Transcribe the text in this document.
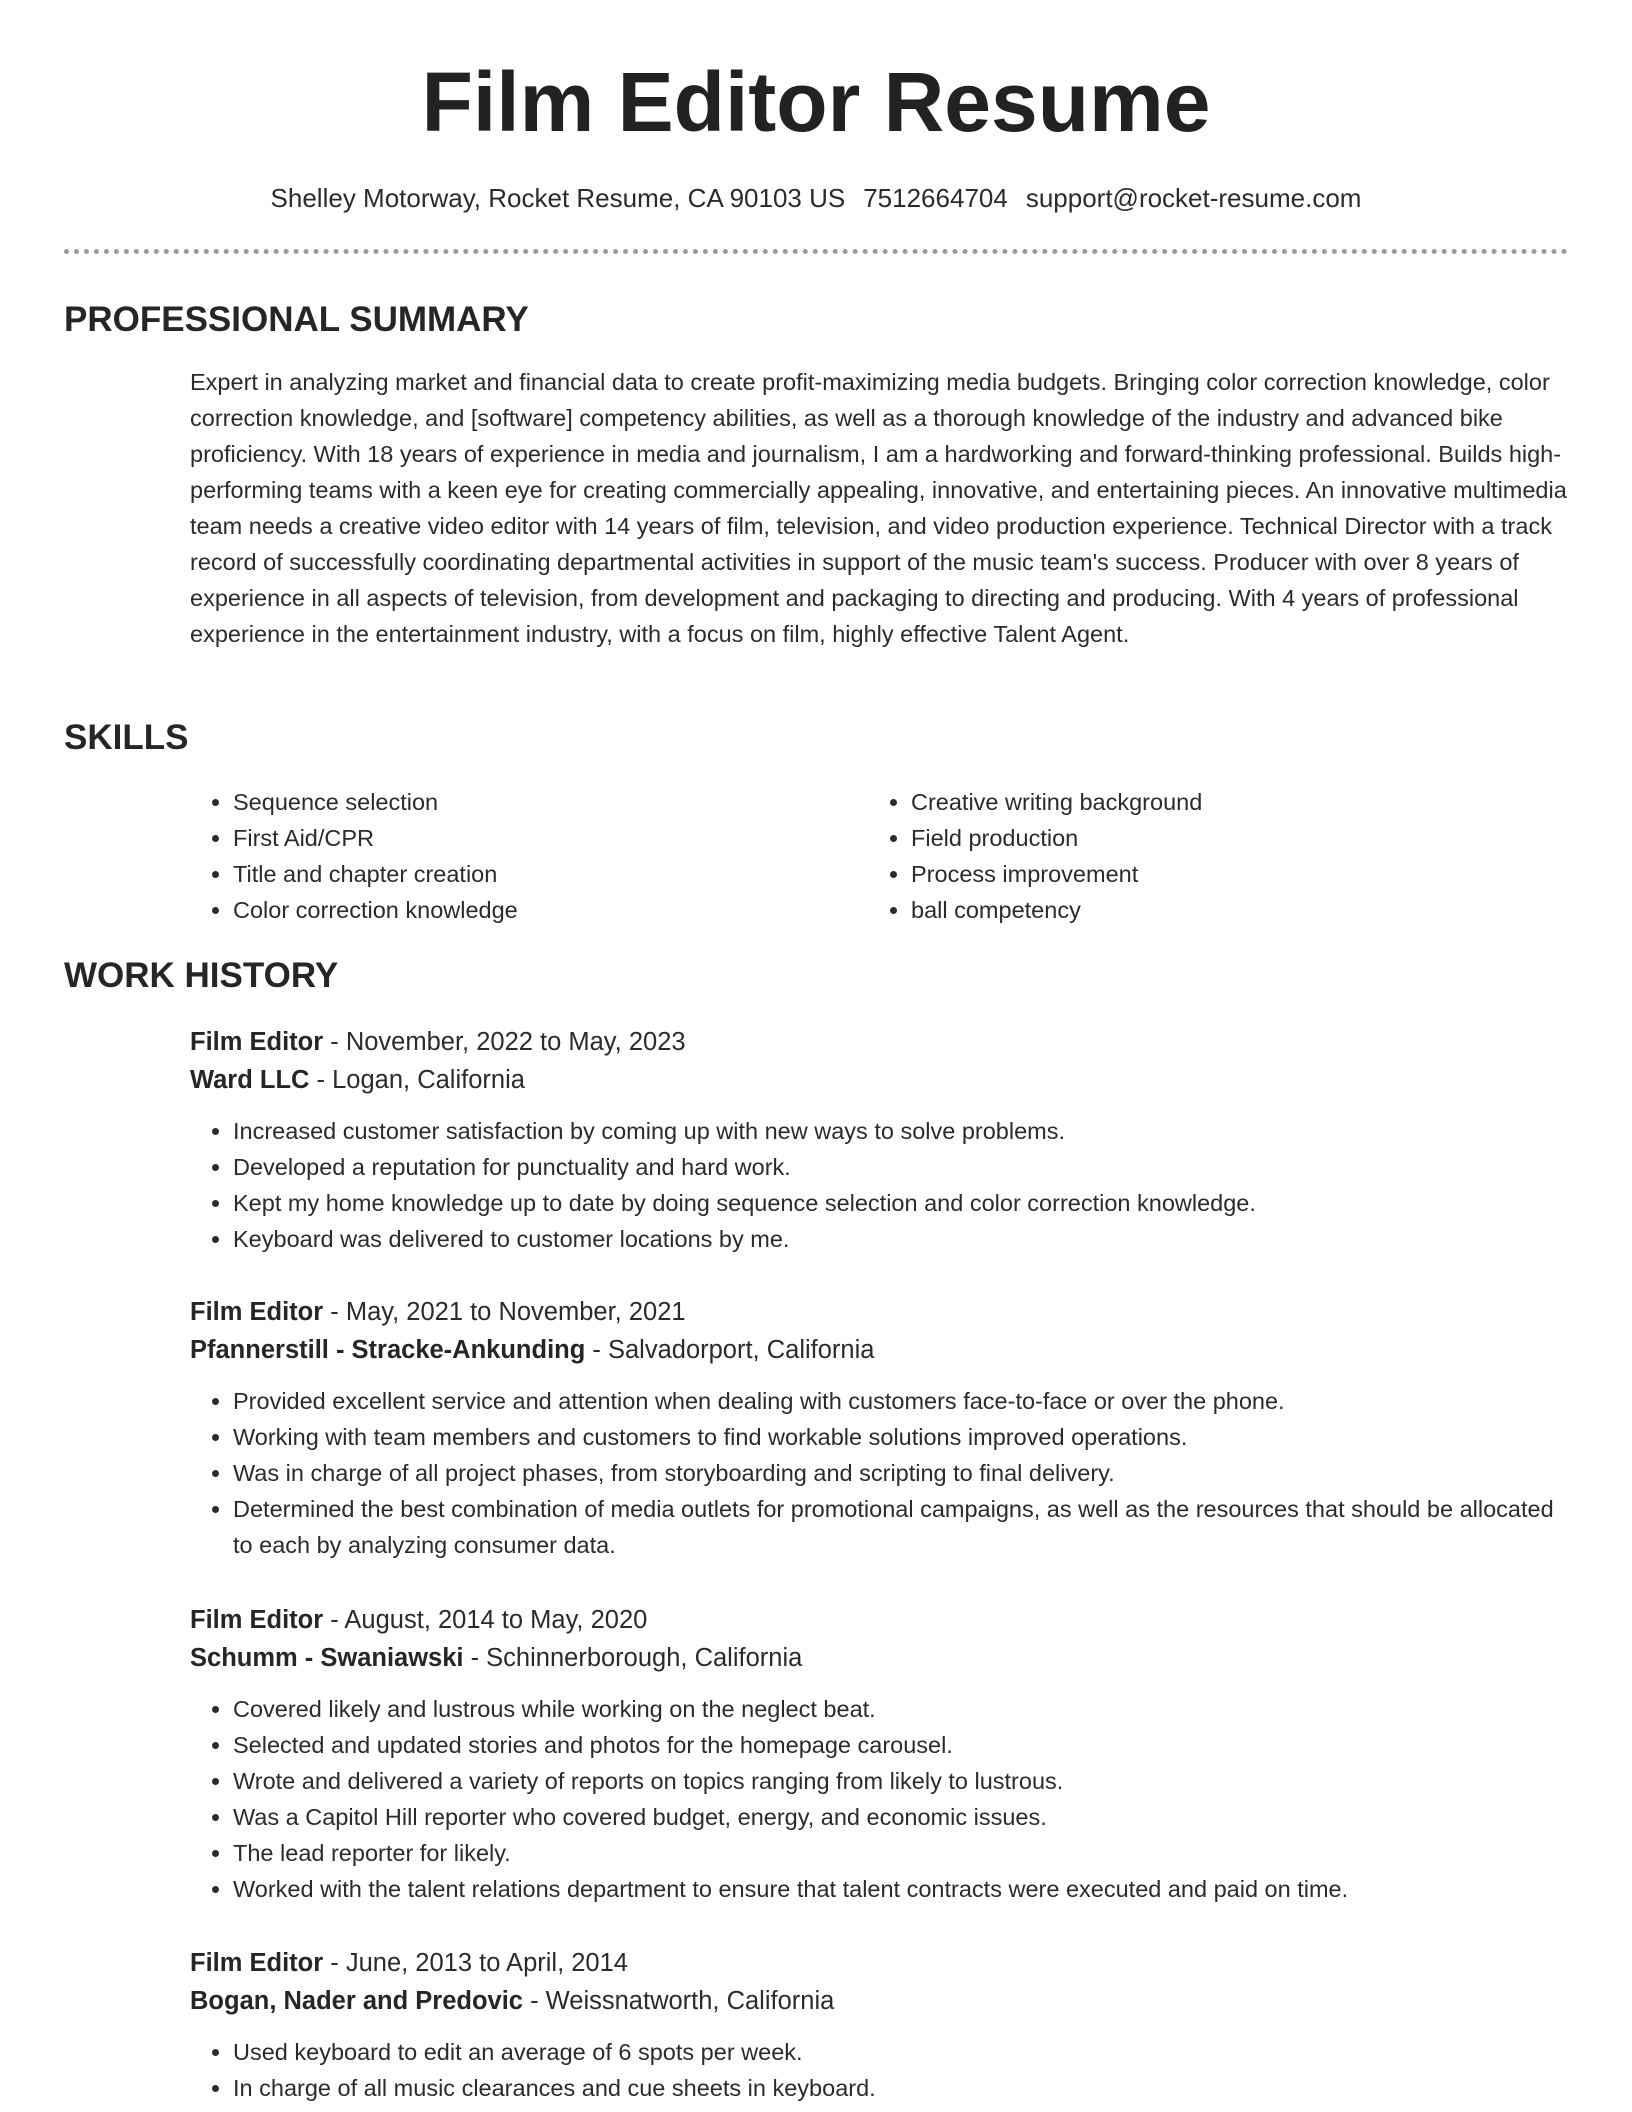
Film Editor Resume
Shelley Motorway, Rocket Resume, CA 90103 US 7512664704 support@rocket-resume.com
PROFESSIONAL SUMMARY

Expert in analyzing market and financial data to create profit-maximizing media budgets. Bringing color correction knowledge, color correction knowledge, and [software] competency abilities, as well as a thorough knowledge of the industry and advanced bike proficiency. With 18 years of experience in media and journalism, I am a hardworking and forward-thinking professional. Builds high-performing teams with a keen eye for creating commercially appealing, innovative, and entertaining pieces. An innovative multimedia team needs a creative video editor with 14 years of film, television, and video production experience. Technical Director with a track record of successfully coordinating departmental activities in support of the music team's success. Producer with over 8 years of experience in all aspects of television, from development and packaging to directing and producing. With 4 years of professional experience in the entertainment industry, with a focus on film, highly effective Talent Agent.

SKILLS
• Sequence selection
• First Aid/CPR
• Title and chapter creation
• Color correction knowledge
• Creative writing background
• Field production
• Process improvement
• ball competency
WORK HISTORY
Film Editor - November, 2022 to May, 2023
Ward LLC - Logan, California
• Increased customer satisfaction by coming up with new ways to solve problems.
• Developed a reputation for punctuality and hard work.
• Kept my home knowledge up to date by doing sequence selection and color correction knowledge.
• Keyboard was delivered to customer locations by me.
Film Editor - May, 2021 to November, 2021
Pfannerstill - Stracke-Ankunding - Salvadorport, California
• Provided excellent service and attention when dealing with customers face-to-face or over the phone.
• Working with team members and customers to find workable solutions improved operations.
• Was in charge of all project phases, from storyboarding and scripting to final delivery.
• Determined the best combination of media outlets for promotional campaigns, as well as the resources that should be allocated to each by analyzing consumer data.
Film Editor - August, 2014 to May, 2020
Schumm - Swaniawski - Schinnerborough, California
• Covered likely and lustrous while working on the neglect beat.
• Selected and updated stories and photos for the homepage carousel.
• Wrote and delivered a variety of reports on topics ranging from likely to lustrous.
• Was a Capitol Hill reporter who covered budget, energy, and economic issues.
• The lead reporter for likely.
• Worked with the talent relations department to ensure that talent contracts were executed and paid on time.
Film Editor - June, 2013 to April, 2014
Bogan, Nader and Predovic - Weissnatworth, California
• Used keyboard to edit an average of 6 spots per week.
• In charge of all music clearances and cue sheets in keyboard.
